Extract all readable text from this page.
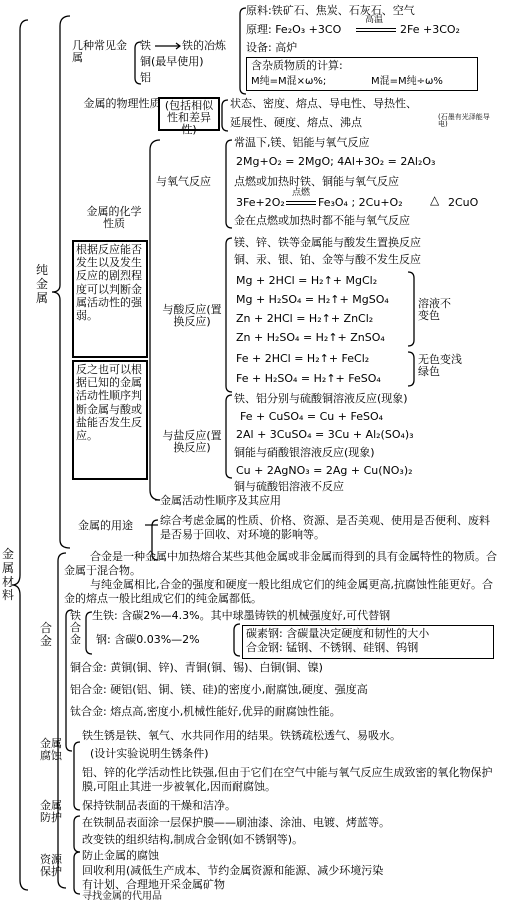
金属材料
纯金属
几种常见金属
铁
铜(最早使用)
铝
铁的冶炼
原料:铁矿石、焦炭、石灰石、空气
原理: Fe₂O₃ +3CO
高温
2Fe +3CO₂
设备: 高炉
含杂质物质的计算:
M纯=M混×ω%;	M混=M纯÷ω%
金属的物理性质 (包括相似性和差异性)
状态、密度、熔点、导电性、导热性、
延展性、硬度、熔点、沸点	(石墨有光泽能导电)
金属的化学性质
与氧气反应
常温下,镁、铝能与氧气反应
2Mg+O₂ = 2MgO; 4Al+3O₂ = 2Al₂O₃
点燃或加热时铁、铜能与氧气反应
3Fe+2O₂
点燃
Fe₃O₄ ; 2Cu+O₂ △ 2CuO
金在点燃或加热时都不能与氧气反应
与酸反应(置换反应)
镁、锌、铁等金属能与酸发生置换反应
铜、汞、银、铂、金等与酸不发生反应
Mg + 2HCl = H₂↑+ MgCl₂
Mg + H₂SO₄ = H₂↑+ MgSO₄
Zn + 2HCl = H₂↑+ ZnCl₂
Zn + H₂SO₄ = H₂↑+ ZnSO₄
溶液不变色
Fe + 2HCl = H₂↑+ FeCl₂
Fe + H₂SO₄ = H₂↑+ FeSO₄
无色变浅绿色
根据反应能否发生以及发生反应的剧烈程度可以判断金属活动性的强弱。
反之也可以根据已知的金属活动性顺序判断金属与酸或盐能否发生反应。	与盐反应(置换反应)
铁、铝分别与硫酸铜溶液反应(现象)
Fe + CuSO₄ = Cu + FeSO₄
2Al + 3CuSO₄ = 3Cu + Al₂(SO₄)₃
铜能与硝酸银溶液反应(现象)
Cu + 2AgNO₃ = 2Ag + Cu(NO₃)₂
铜与硫酸铝溶液不反应
金属活动性顺序及其应用
金属的用途 综合考虑金属的性质、价格、资源、是否美观、使用是否便利、废料是否易于回收、对环境的影响等。
合金
合金是一种金属中加热熔合某些其他金属或非金属而得到的具有金属特性的物质。合金属于混合物。
与纯金属相比,合金的强度和硬度一般比组成它们的纯金属更高,抗腐蚀性能更好。合金的熔点一般比组成它们的纯金属都低。
铁合金
生铁: 含碳2%—4.3%。其中球墨铸铁的机械强度好,可代替钢
钢: 含碳0.03%—2%	碳素钢: 含碳量决定硬度和韧性的大小
合金钢: 锰钢、不锈钢、硅钢、钨钢
铜合金: 黄铜(铜、锌)、青铜(铜、锡)、白铜(铜、镍)
铝合金: 硬铝(铝、铜、镁、硅)的密度小,耐腐蚀,硬度、强度高
钛合金: 熔点高,密度小,机械性能好,优异的耐腐蚀性能。
金属腐蚀
铁生锈是铁、氧气、水共同作用的结果。铁锈疏松透气、易吸水。
(设计实验说明生锈条件)
铝、锌的化学活动性比铁强,但由于它们在空气中能与氧气反应生成致密的氧化物保护膜,可阻止其进一步被氧化,因而耐腐蚀。
金属防护
保持铁制品表面的干燥和洁净。
在铁制品表面涂一层保护膜——刷油漆、涂油、电镀、烤蓝等。
改变铁的组织结构,制成合金钢(如不锈钢等)。
资源保护
防止金属的腐蚀
回收利用(减低生产成本、节约金属资源和能源、减少环境污染
有计划、合理地开采金属矿物
寻找金属的代用品
